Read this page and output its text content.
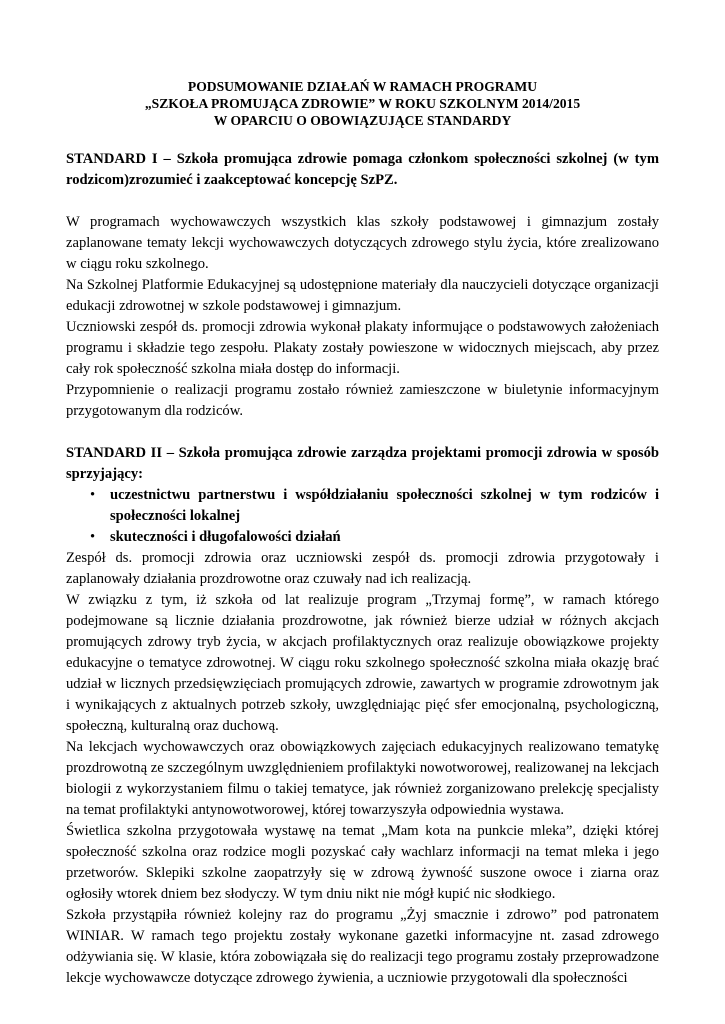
PODSUMOWANIE DZIAŁAŃ W RAMACH PROGRAMU
„SZKOŁA PROMUJĄCA ZDROWIE” W ROKU SZKOLNYM 2014/2015
W OPARCIU O OBOWIĄZUJĄCE STANDARDY
STANDARD I – Szkoła promująca zdrowie pomaga członkom społeczności szkolnej (w tym rodzicom)zrozumieć i zaakceptować koncepcję SzPZ.

W programach wychowawczych wszystkich klas szkoły podstawowej i gimnazjum zostały zaplanowane tematy lekcji wychowawczych dotyczących zdrowego stylu życia, które zrealizowano w ciągu roku szkolnego.

Na Szkolnej Platformie Edukacyjnej są udostępnione materiały dla nauczycieli dotyczące organizacji edukacji zdrowotnej w szkole podstawowej i gimnazjum.

Uczniowski zespół ds. promocji zdrowia wykonał plakaty informujące o podstawowych założeniach programu i składzie tego zespołu. Plakaty zostały powieszone w widocznych miejscach, aby przez cały rok społeczność szkolna miała dostęp do informacji.

Przypomnienie o realizacji programu zostało również zamieszczone w biuletynie informacyjnym przygotowanym dla rodziców.

STANDARD II – Szkoła promująca zdrowie zarządza projektami promocji zdrowia w sposób sprzyjający:
• uczestnictwu partnerstwu i współdziałaniu społeczności szkolnej w tym rodziców i społeczności lokalnej
• skuteczności i długofalowości działań

Zespół ds. promocji zdrowia oraz uczniowski zespół ds. promocji zdrowia przygotowały i zaplanowały działania prozdrowotne oraz czuwały nad ich realizacją.

W związku z tym, iż szkoła od lat realizuje program „Trzymaj formę”, w ramach którego podejmowane są licznie działania prozdrowotne, jak również bierze udział w różnych akcjach promujących zdrowy tryb życia, w akcjach profilaktycznych oraz realizuje obowiązkowe projekty edukacyjne o tematyce zdrowotnej. W ciągu roku szkolnego społeczność szkolna miała okazję brać udział w licznych przedsięwzięciach promujących zdrowie, zawartych w programie zdrowotnym jak i wynikających z aktualnych potrzeb szkoły, uwzględniając pięć sfer emocjonalną, psychologiczną, społeczną, kulturalną oraz duchową.

Na lekcjach wychowawczych oraz obowiązkowych zajęciach edukacyjnych realizowano tematykę prozdrowotną ze szczególnym uwzględnieniem profilaktyki nowotworowej, realizowanej na lekcjach biologii z wykorzystaniem filmu o takiej tematyce, jak również zorganizowano prelekcję specjalisty na temat profilaktyki antynowotworowej, której towarzyszyła odpowiednia wystawa.

Świetlica szkolna przygotowała wystawę na temat „Mam kota na punkcie mleka”, dzięki której społeczność szkolna oraz rodzice mogli pozyskać cały wachlarz informacji na temat mleka i jego przetworów. Sklepiki szkolne zaopatrzyły się w zdrową żywność suszone owoce i ziarna oraz ogłosiły wtorek dniem bez słodyczy. W tym dniu nikt nie mógł kupić nic słodkiego.

Szkoła przystąpiła również kolejny raz do programu „Żyj smacznie i zdrowo” pod patronatem WINIAR. W ramach tego projektu zostały wykonane gazetki informacyjne nt. zasad zdrowego odżywiania się. W klasie, która zobowiązała się do realizacji tego programu zostały przeprowadzone lekcje wychowawcze dotyczące zdrowego żywienia, a uczniowie przygotowali dla społeczności
